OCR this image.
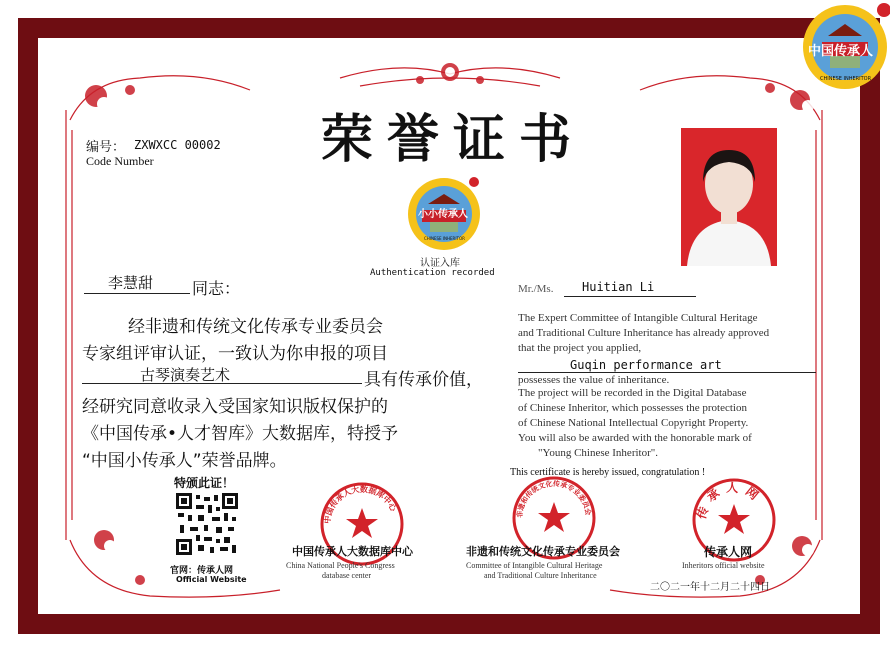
中国传承人
CHINESE INHERITOR
编号： ZXWXCC 00002
Code Number	荣誉证书
小小传承人
CHINESE INHERITOR
认证入库
Authentication recorded
李慧甜 同志：
经非遗和传统文化传承专业委员会
专家组评审认证，一致认为你申报的项目
古琴演奏艺术	具有传承价值，
经研究同意收录入受国家知识版权保护的
《中国传承•人才智库》大数据库，特授予
“中国小传承人”荣誉品牌。
特颁此证！
Mr./Ms. Huitian Li
The Expert Committee of Intangible Cultural Heritage
and Traditional Culture Inheritance has already approved
that the project you applied,
Guqin performance art
possesses the value of inheritance.
The project will be recorded in the Digital Database
of Chinese Inheritor, which possesses the protection
of Chinese National Intellectual Copyright Property.
You will also be awarded with the honorable mark of
"Young Chinese Inheritor".
This certificate is hereby issued, congratulation !
官网：传承人网
Official Website
中国传承人大数据库中心
非遗和传统文化传承专业委员会	传承人网
中国传承人大数据库中心
China National People's Congress
database center
非遗和传统文化传承专业委员会
Committee of Intangible Cultural Heritage
and Traditional Culture Inheritance
传承人网
Inheritors official website
二〇二一年十二月二十四日
